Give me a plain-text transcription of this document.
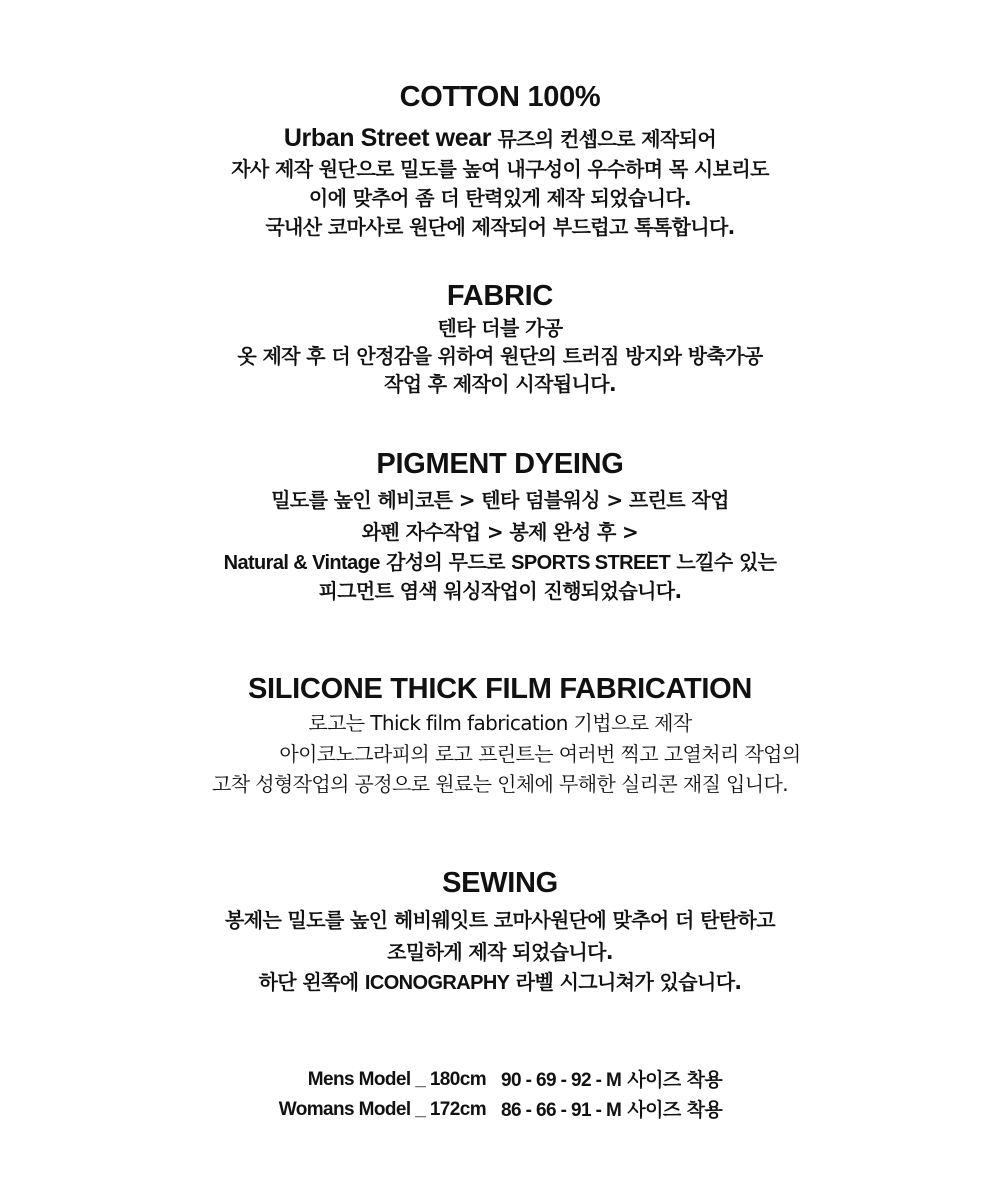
COTTON 100%
Urban Street wear 뮤즈의 컨셉으로 제작되어
자사 제작 원단으로 밀도를 높여 내구성이 우수하며 목 시보리도
이에 맞추어 좀 더 탄력있게 제작 되었습니다.
국내산 코마사로 원단에 제작되어 부드럽고 톡톡합니다.
FABRIC
텐타 더블 가공
옷 제작 후 더 안정감을 위하여 원단의 트러짐 방지와 방축가공
작업 후 제작이 시작됩니다.
PIGMENT DYEING
밀도를 높인 헤비코튼 > 텐타 덤블워싱 > 프린트 작업
와펜 자수작업 > 봉제 완성 후 >
Natural & Vintage 감성의 무드로 SPORTS STREET 느낄수 있는
피그먼트 염색 워싱작업이 진행되었습니다.
SILICONE THICK FILM FABRICATION
로고는 Thick film fabrication 기법으로 제작
아이코노그라피의 로고 프린트는 여러번 찍고 고열처리 작업의
고착 성형작업의 공정으로 원료는 인체에 무해한 실리콘 재질 입니다.
SEWING
봉제는 밀도를 높인 헤비웨잇트 코마사원단에 맞추어 더 탄탄하고
조밀하게 제작 되었습니다.
하단 왼쪽에 ICONOGRAPHY 라벨 시그니쳐가 있습니다.
Mens Model _ 180cm 90 - 69 - 92 - M 사이즈 착용
Womans Model _ 172cm 86 - 66 - 91 - M 사이즈 착용
